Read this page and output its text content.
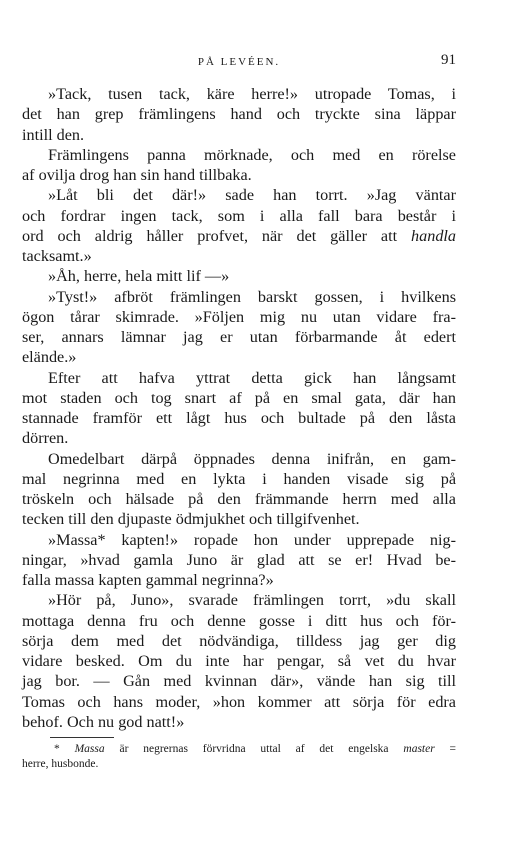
PÅ LEVÉEN.	91
»Tack, tusen tack, käre herre!» utropade Tomas, i
det han grep främlingens hand och tryckte sina läppar
intill den.
Främlingens panna mörknade, och med en rörelse
af ovilja drog han sin hand tillbaka.
»Låt bli det där!» sade han torrt. »Jag väntar
och fordrar ingen tack, som i alla fall bara består i
ord och aldrig håller profvet, när det gäller att handla
tacksamt.»
»Åh, herre, hela mitt lif —»
»Tyst!» afbröt främlingen barskt gossen, i hvilkens
ögon tårar skimrade. »Följen mig nu utan vidare fra-
ser, annars lämnar jag er utan förbarmande åt edert
elände.»
Efter att hafva yttrat detta gick han långsamt
mot staden och tog snart af på en smal gata, där han
stannade framför ett lågt hus och bultade på den låsta
dörren.
Omedelbart därpå öppnades denna inifrån, en gam-
mal negrinna med en lykta i handen visade sig på
tröskeln och hälsade på den främmande herrn med alla
tecken till den djupaste ödmjukhet och tillgifvenhet.
»Massa* kapten!» ropade hon under upprepade nig-
ningar, »hvad gamla Juno är glad att se er! Hvad be-
falla massa kapten gammal negrinna?»
»Hör på, Juno», svarade främlingen torrt, »du skall
mottaga denna fru och denne gosse i ditt hus och för-
sörja dem med det nödvändiga, tilldess jag ger dig
vidare besked. Om du inte har pengar, så vet du hvar
jag bor. — Gån med kvinnan där», vände han sig till
Tomas och hans moder, »hon kommer att sörja för edra
behof. Och nu god natt!»
* Massa är negrernas förvridna uttal af det engelska master =
herre, husbonde.
